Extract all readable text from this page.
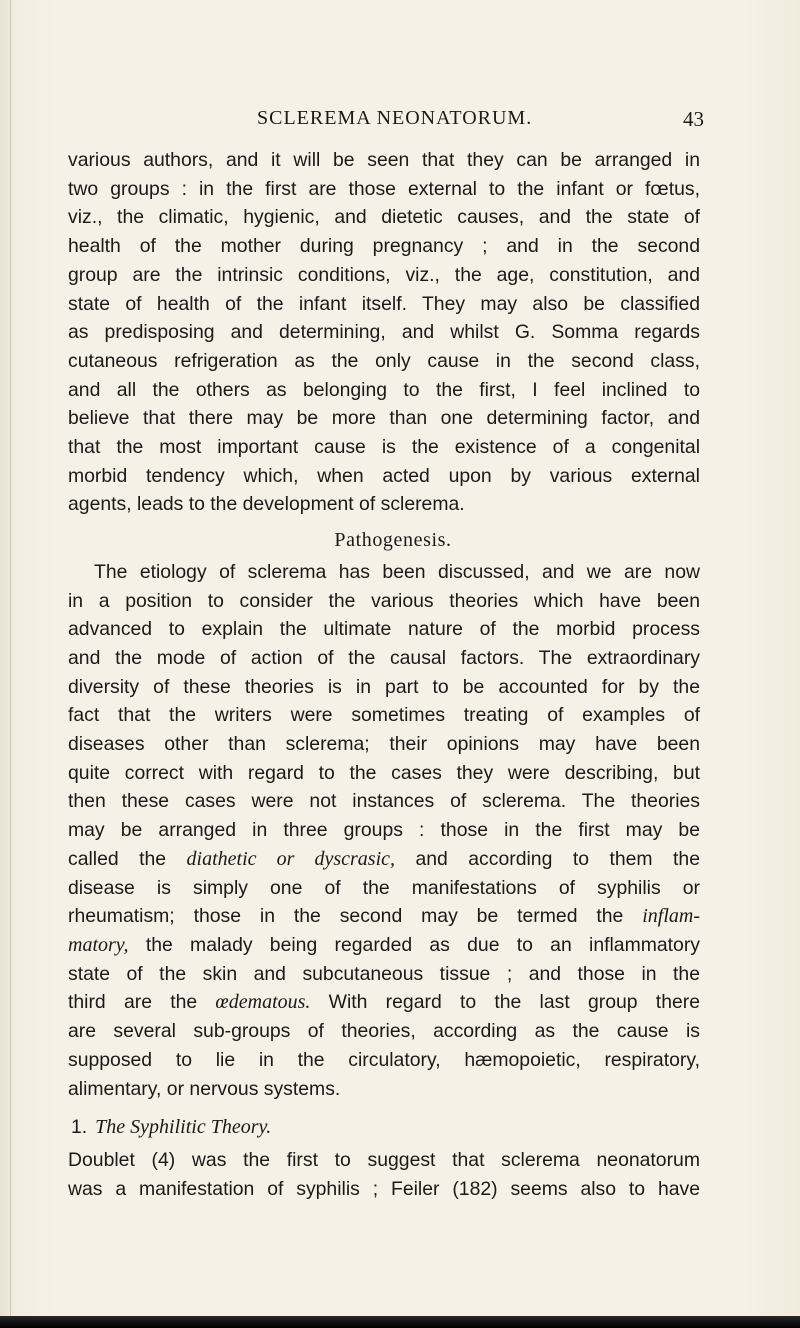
SCLEREMA NEONATORUM.	43
various authors, and it will be seen that they can be arranged in
two groups : in the first are those external to the infant or fœtus,
viz., the climatic, hygienic, and dietetic causes, and the state of
health of the mother during pregnancy ; and in the second
group are the intrinsic conditions, viz., the age, constitution, and
state of health of the infant itself. They may also be classified
as predisposing and determining, and whilst G. Somma regards
cutaneous refrigeration as the only cause in the second class,
and all the others as belonging to the first, I feel inclined to
believe that there may be more than one determining factor, and
that the most important cause is the existence of a congenital
morbid tendency which, when acted upon by various external
agents, leads to the development of sclerema.
Pathogenesis.
The etiology of sclerema has been discussed, and we are now
in a position to consider the various theories which have been
advanced to explain the ultimate nature of the morbid process
and the mode of action of the causal factors. The extraordinary
diversity of these theories is in part to be accounted for by the
fact that the writers were sometimes treating of examples of
diseases other than sclerema; their opinions may have been
quite correct with regard to the cases they were describing, but
then these cases were not instances of sclerema. The theories
may be arranged in three groups : those in the first may be
called the diathetic or dyscrasic, and according to them the
disease is simply one of the manifestations of syphilis or
rheumatism; those in the second may be termed the inflam-
matory, the malady being regarded as due to an inflammatory
state of the skin and subcutaneous tissue ; and those in the
third are the œdematous. With regard to the last group there
are several sub-groups of theories, according as the cause is
supposed to lie in the circulatory, hæmopoietic, respiratory,
alimentary, or nervous systems.
1. The Syphilitic Theory.
Doublet (4) was the first to suggest that sclerema neonatorum
was a manifestation of syphilis ; Feiler (182) seems also to have
